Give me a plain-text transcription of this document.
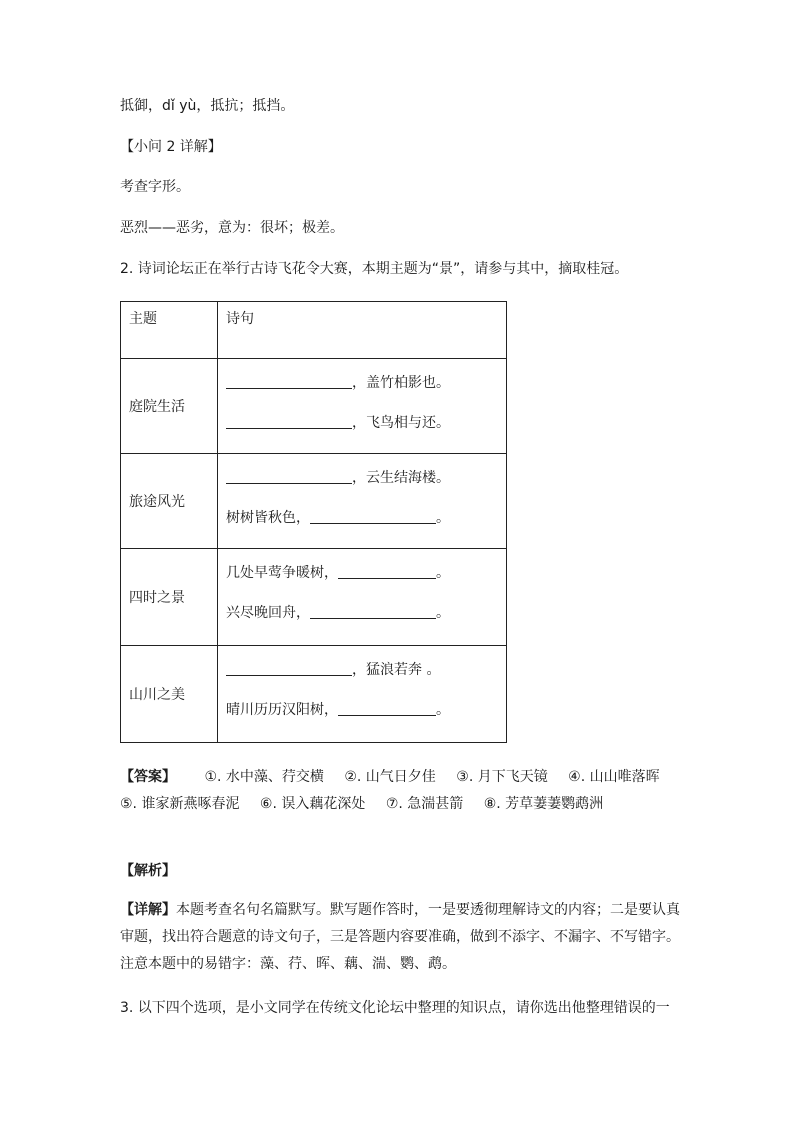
抵御，dǐ yù，抵抗；抵挡。
【小问 2 详解】
考查字形。
恶烈——恶劣，意为：很坏；极差。
2. 诗词论坛正在举行古诗飞花令大赛，本期主题为“景”，请参与其中，摘取桂冠。
主题	诗句
庭院生活	，盖竹柏影也。
，飞鸟相与还。

旅途风光	，云生结海楼。
树树皆秋色， 。

四时之景	几处早莺争暖树， 。
兴尽晚回舟， 。

山川之美	，猛浪若奔 。
晴川历历汉阳树， 。
【答案】 ①. 水中藻、荇交横 ②. 山气日夕佳 ③. 月下飞天镜 ④. 山山唯落晖 ⑤. 谁家新燕啄春泥 ⑥. 误入藕花深处 ⑦. 急湍甚箭 ⑧. 芳草萋萋鹦鹉洲
【解析】
【详解】本题考查名句名篇默写。默写题作答时，一是要透彻理解诗文的内容；二是要认真审题，找出符合题意的诗文句子，三是答题内容要准确，做到不添字、不漏字、不写错字。注意本题中的易错字：藻、荇、晖、藕、湍、鹦、鹉。
3. 以下四个选项，是小文同学在传统文化论坛中整理的知识点，请你选出他整理错误的一
